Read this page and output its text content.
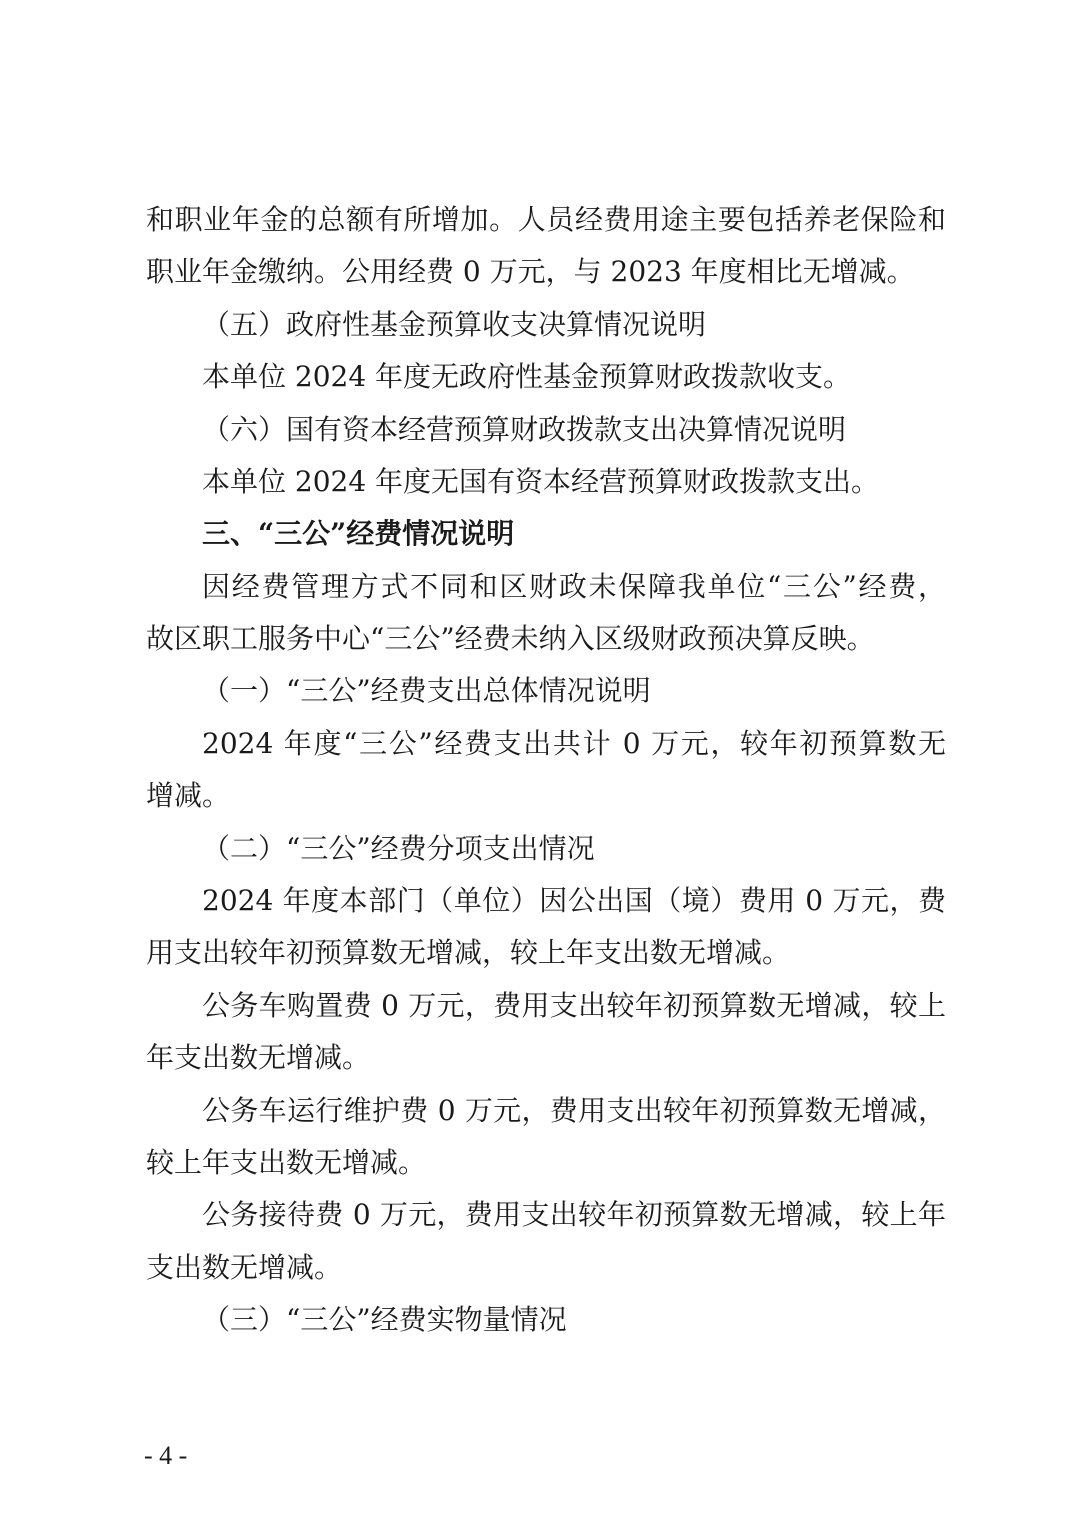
和职业年金的总额有所增加。人员经费用途主要包括养老保险和
职业年金缴纳。公用经费 0 万元，与 2023 年度相比无增减。
（五）政府性基金预算收支决算情况说明
本单位 2024 年度无政府性基金预算财政拨款收支。
（六）国有资本经营预算财政拨款支出决算情况说明
本单位 2024 年度无国有资本经营预算财政拨款支出。
三、“三公”经费情况说明
因经费管理方式不同和区财政未保障我单位“三公”经费，
故区职工服务中心“三公”经费未纳入区级财政预决算反映。
（一）“三公”经费支出总体情况说明
2024 年度“三公”经费支出共计 0 万元，较年初预算数无
增减。
（二）“三公”经费分项支出情况
2024 年度本部门（单位）因公出国（境）费用 0 万元，费
用支出较年初预算数无增减，较上年支出数无增减。
公务车购置费 0 万元，费用支出较年初预算数无增减，较上
年支出数无增减。
公务车运行维护费 0 万元，费用支出较年初预算数无增减，
较上年支出数无增减。
公务接待费 0 万元，费用支出较年初预算数无增减，较上年
支出数无增减。
（三）“三公”经费实物量情况
- 4 -
